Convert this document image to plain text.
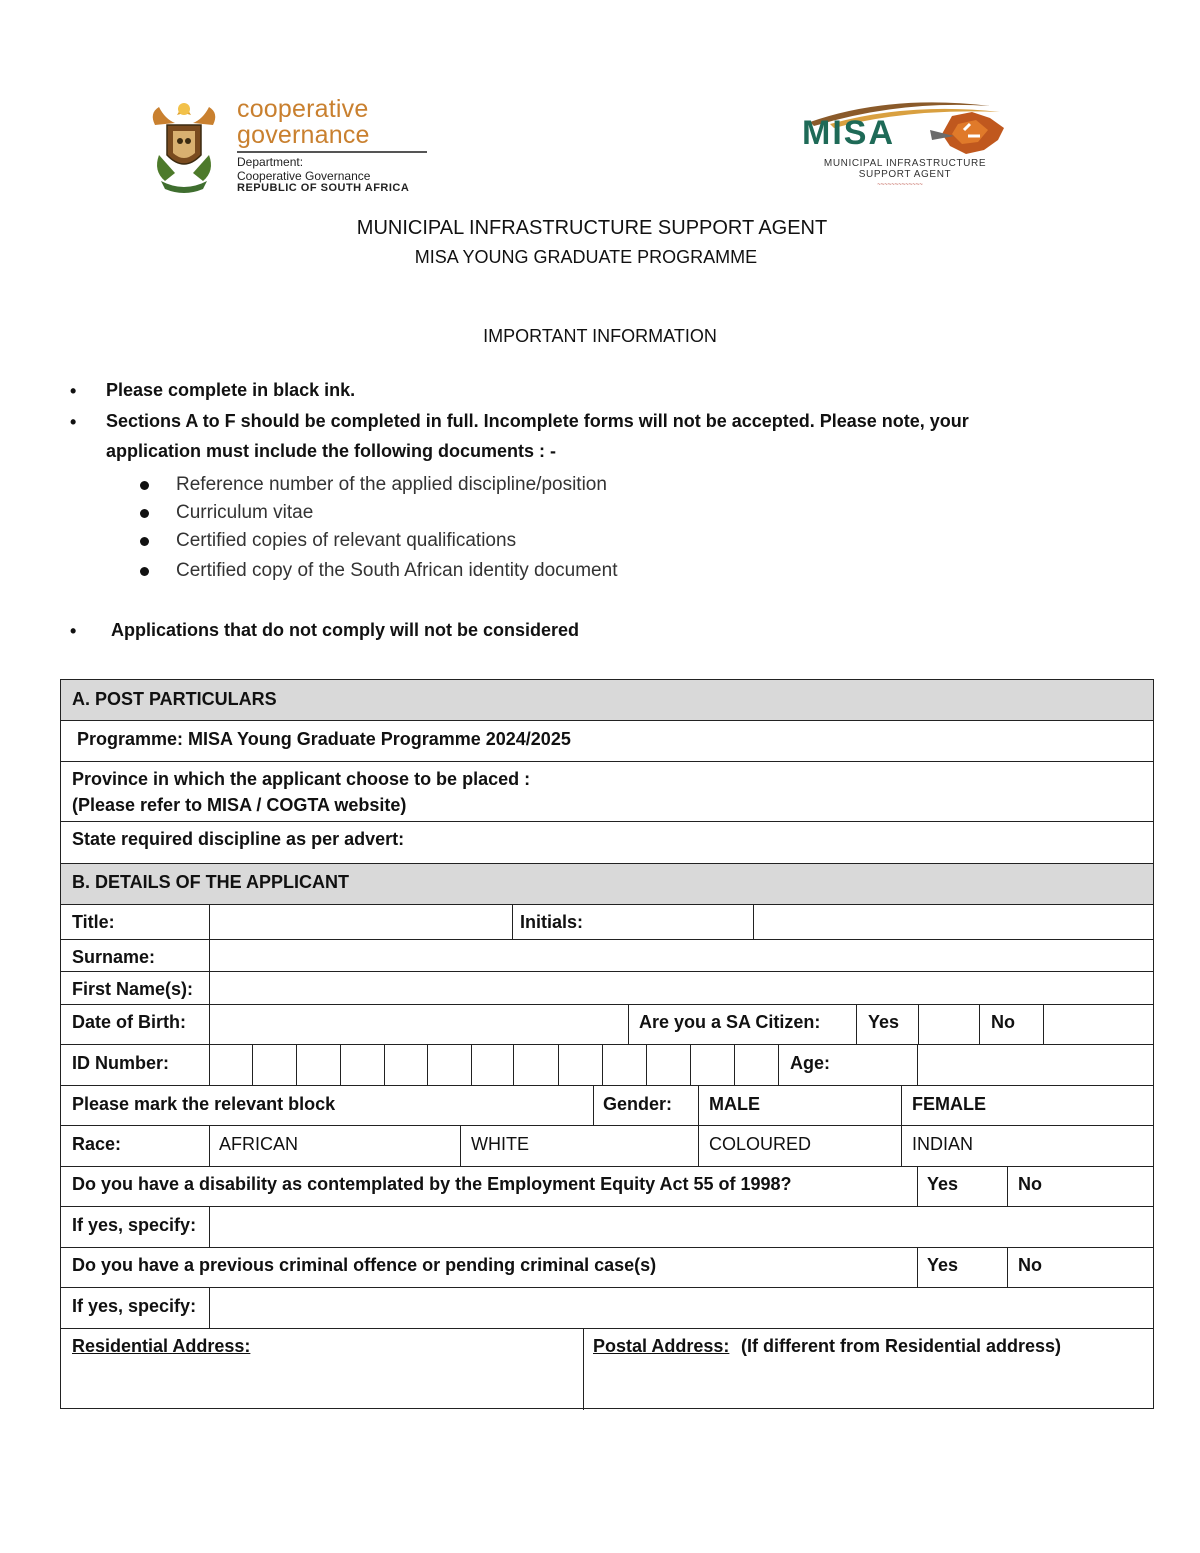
cooperative
governance
Department:
Cooperative Governance
REPUBLIC OF SOUTH AFRICA
MISA
MUNICIPAL INFRASTRUCTURE
SUPPORT AGENT
~~~~~~~~~~~~~
MUNICIPAL INFRASTRUCTURE SUPPORT AGENT
MISA YOUNG GRADUATE PROGRAMME
IMPORTANT INFORMATION
• Please complete in black ink.
• Sections A to F should be completed in full. Incomplete forms will not be accepted. Please note, your
application must include the following documents : -
Reference number of the applied discipline/position
Curriculum vitae
Certified copies of relevant qualifications
Certified copy of the South African identity document
• Applications that do not comply will not be considered
A. POST PARTICULARS
Programme: MISA Young Graduate Programme 2024/2025
Province in which the applicant choose to be placed :
(Please refer to MISA / COGTA website)
State required discipline as per advert:
B. DETAILS OF THE APPLICANT
Title:	Initials:
Surname:
First Name(s):
Date of Birth:	Are you a SA Citizen:	Yes	No
ID Number:	Age:
Please mark the relevant block	Gender: MALE	FEMALE
Race:	AFRICAN	WHITE	COLOURED	INDIAN
Do you have a disability as contemplated by the Employment Equity Act 55 of 1998?	Yes	No
If yes, specify:
Do you have a previous criminal offence or pending criminal case(s)	Yes	No
If yes, specify:
Residential Address:	Postal Address: (If different from Residential address)
